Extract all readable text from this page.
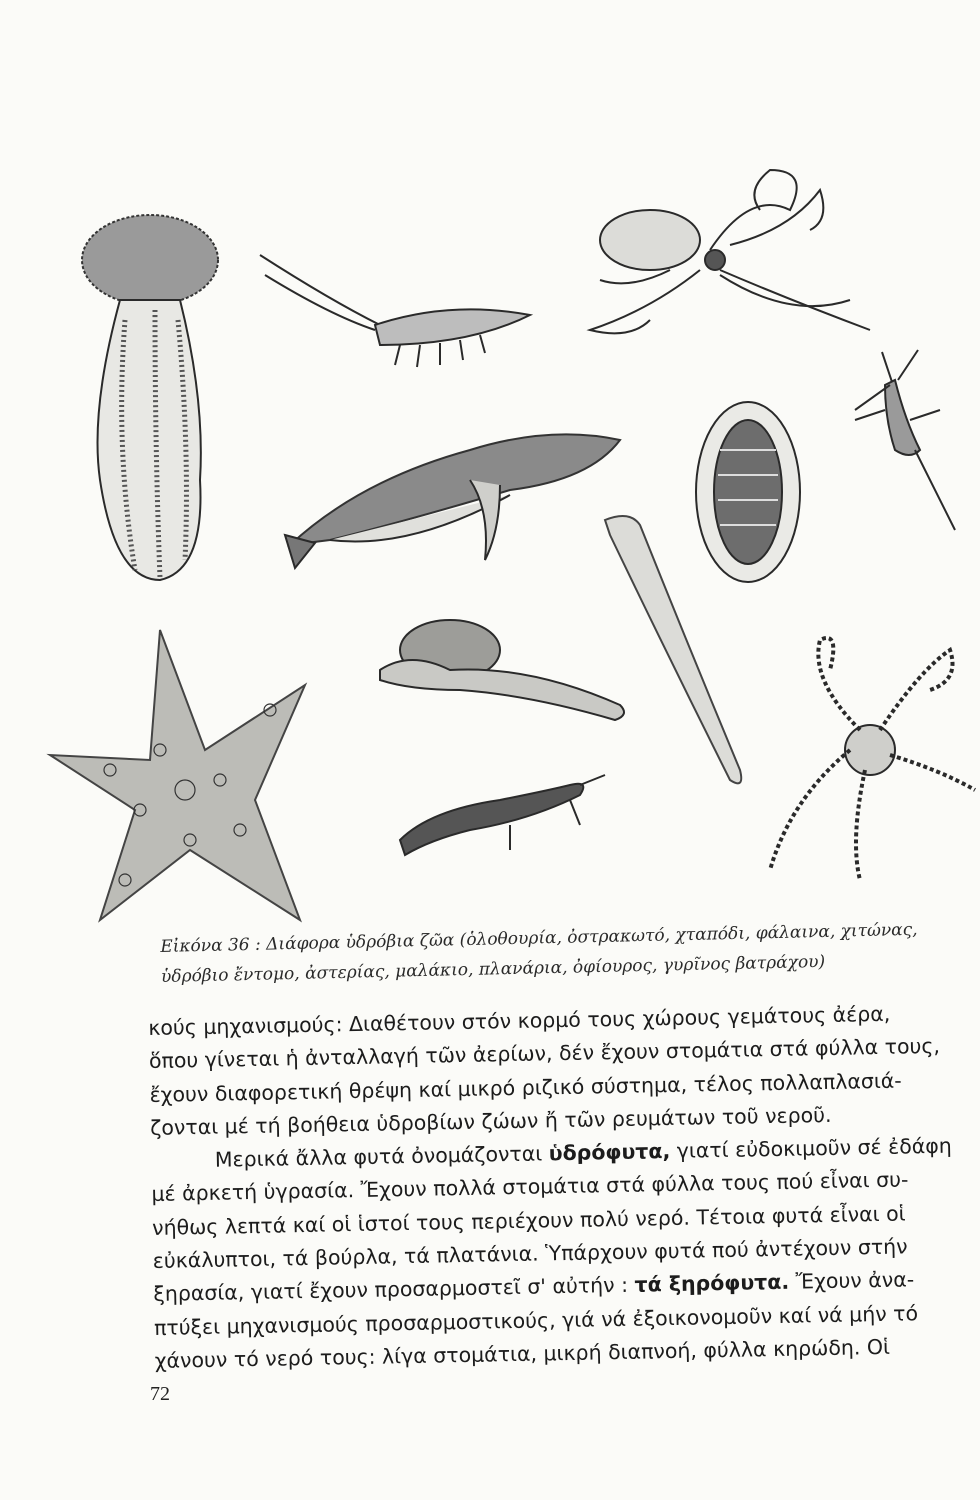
Εἰκόνα 36 : Διάφορα ὑδρόβια ζῶα (ὁλοθουρία, ὀστρακωτό, χταπόδι, φάλαινα, χιτώνας,
ὑδρόβιο ἔντομο, ἀστερίας, μαλάκιο, πλανάρια, ὀφίουρος, γυρῖνος βατράχου)
κούς μηχανισμούς: Διαθέτουν στόν κορμό τους χώρους γεμάτους ἀέρα,
ὅπου γίνεται ἡ ἀνταλλαγή τῶν ἀερίων, δέν ἔχουν στομάτια στά φύλλα τους,
ἔχουν διαφορετική θρέψη καί μικρό ριζικό σύστημα, τέλος πολλαπλασιά-
ζονται μέ τή βοήθεια ὑδροβίων ζώων ἤ τῶν ρευμάτων τοῦ νεροῦ.
Μερικά ἄλλα φυτά ὀνομάζονται ὑδρόφυτα, γιατί εὐδοκιμοῦν σέ ἐδάφη
μέ ἀρκετή ὑγρασία. Ἔχουν πολλά στομάτια στά φύλλα τους πού εἶναι συ-
νήθως λεπτά καί οἱ ἱστοί τους περιέχουν πολύ νερό. Τέτοια φυτά εἶναι οἱ
εὐκάλυπτοι, τά βούρλα, τά πλατάνια. Ὑπάρχουν φυτά πού ἀντέχουν στήν
ξηρασία, γιατί ἔχουν προσαρμοστεῖ σ' αὐτήν : τά ξηρόφυτα. Ἔχουν ἀνα-
πτύξει μηχανισμούς προσαρμοστικούς, γιά νά ἐξοικονομοῦν καί νά μήν τό
χάνουν τό νερό τους: λίγα στομάτια, μικρή διαπνοή, φύλλα κηρώδη. Οἱ
72
